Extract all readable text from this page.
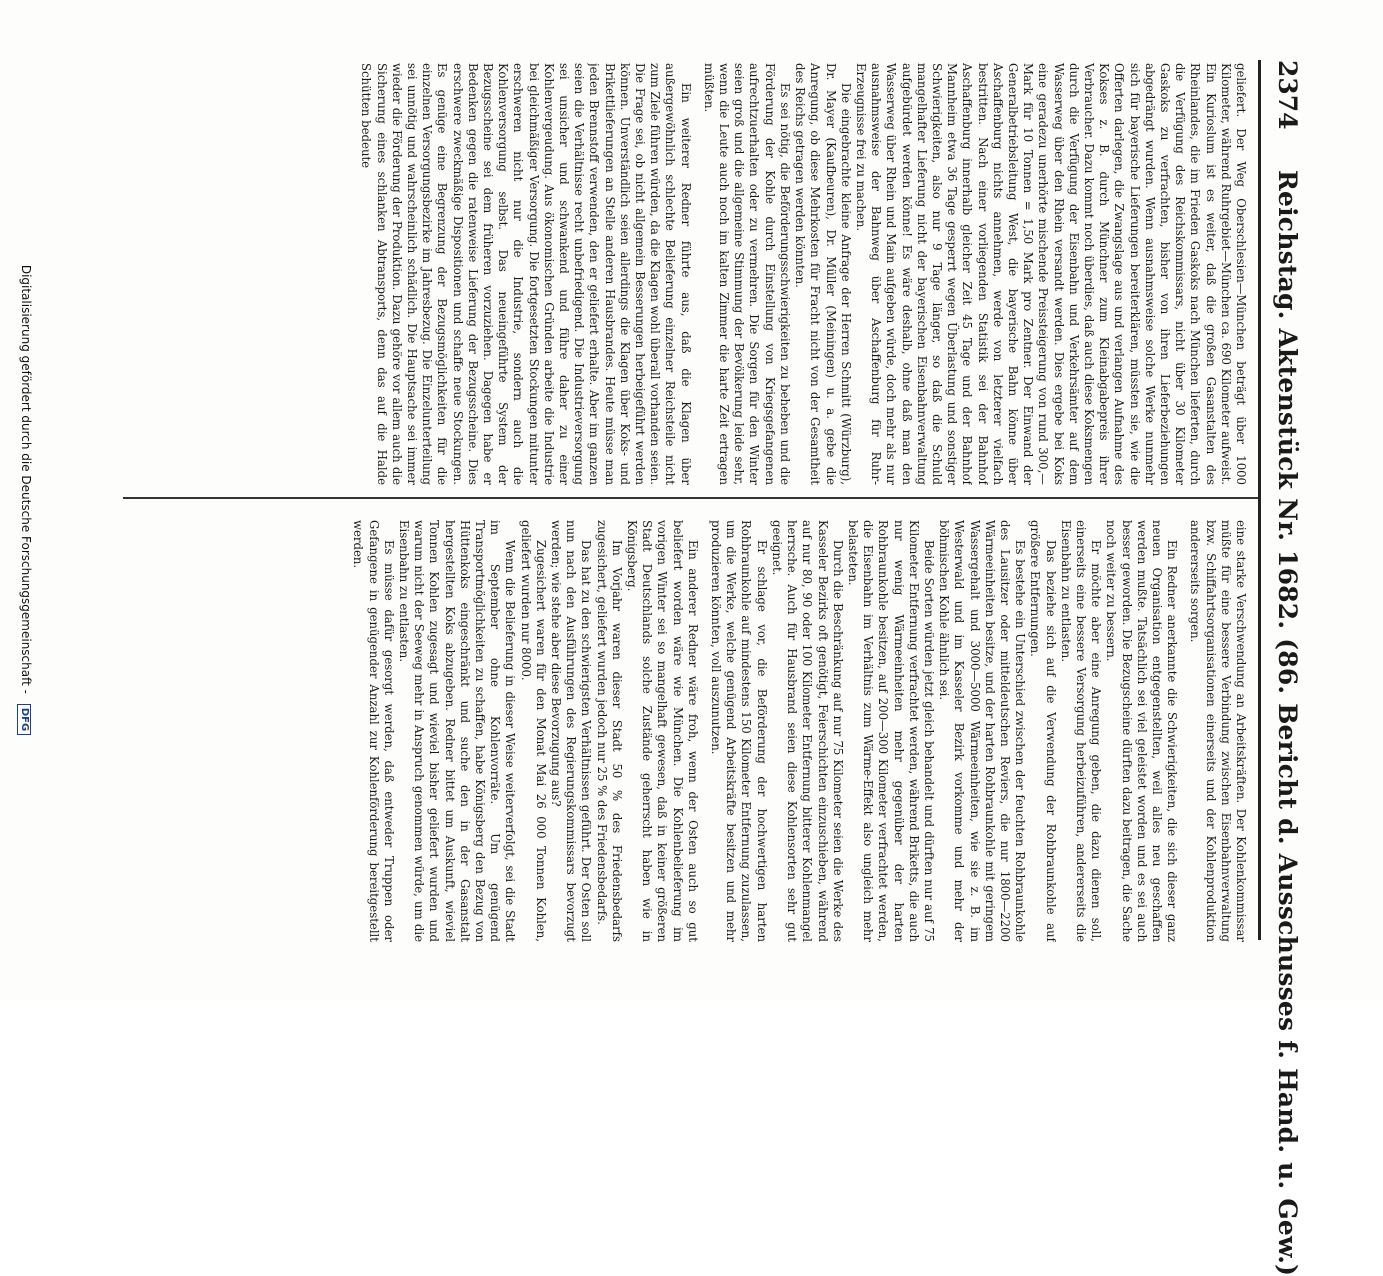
2374
Reichstag. Aktenstück Nr. 1682. (86. Bericht d. Ausschusses f. Hand. u. Gew.)

geliefert. Der Weg Oberschlesien—München beträgt über 1000 Kilometer, während Ruhrgebiet—München ca. 690 Kilometer aufweist. Ein Kurioslum ist es weiter, daß die großen Gasanstalten des Rheinlandes, die im Frieden Gaskoks nach München lieferten, durch die Verfügung des Reichskommissars, nicht über 30 Kilometer Gaskoks zu verfrachten, bisher von ihren Lieferbeziehungen abgedrängt wurden. Wenn ausnahmsweise solche Werke nunmehr sich für bayerische Lieferungen bereiterklären, müssten sie, wie die Offerten darlegen, die Zwangslage aus und verlangen Aufnahme des Kokses z. B. durch Münchner zum Kleinabgabepreis ihrer Verbraucher. Dazu kommt noch überdies, daß auch diese Koksmengen durch die Verfügung der Eisenbahn und Verkehrsämter auf dem Wasserweg über den Rhein versandt werden. Dies ergebe bei Koks eine geradezu unerhörte mischende Preissteigerung von rund 300,— Mark für 10 Tonnen = 1,50 Mark pro Zentner. Der Einwand der Generalbetriebsleitung West, die bayerische Bahn könne über Aschaffenburg nichts annehmen, werde von letzterer vielfach bestritten. Nach einer vorliegenden Statistik sei der Bahnhof Aschaffenburg innerhalb gleicher Zeit 45 Tage und der Bahnhof Mannheim etwa 36 Tage gesperrt wegen Überlastung und sonstiger Schwierigkeiten, also nur 9 Tage länger, so daß die Schuld mangelhafter Lieferung nicht der bayerischen Eisenbahnverwaltung aufgebürdet werden könne! Es wäre deshalb, ohne daß man den Wasserweg über Rhein und Main aufgeben würde, doch mehr als nur ausnahmsweise der Bahnweg über Aschaffenburg für Ruhr-Erzeugnisse frei zu machen.

Die eingebrachte kleine Anfrage der Herren Schmitt (Würzburg), Dr. Mayer (Kaufbeuren), Dr. Müller (Meiningen) u. a. gebe die Anregung, ob diese Mehrkosten für Fracht nicht von der Gesamtheit des Reichs getragen werden könnten.

Es sei nötig, die Beförderungsschwierigkeiten zu beheben und die Förderung der Kohle durch Einstellung von Kriegsgefangenen aufrechtzuerhalten oder zu vermehren. Die Sorgen für den Winter seien groß und die allgemeine Stimmung der Bevölkerung leide sehr, wenn die Leute auch noch im kalten Zimmer die harte Zeit ertragen müßten.

Ein weiterer Redner führte aus, daß die Klagen über außergewöhnlich schlechte Belieferung einzelner Reichsteile nicht zum Ziele führen würden, da die Klagen wohl überall vorhanden seien. Die Frage sei, ob nicht allgemein Besserungen herbeigeführt werden können. Unverständlich seien allerdings die Klagen über Koks- und Brikettlieferungen an Stelle anderen Hausbrandes. Heute müsse man jeden Brennstoff verwenden, den er geliefert erhalte. Aber im ganzen seien die Verhältnisse recht unbefriedigend. Die Industrieversorgung sei unsicher und schwankend und führe daher zu einer Kohlenvergeudung. Aus ökonomischen Gründen arbeite die Industrie bei gleichmäßiger Versorgung. Die fortgesetzten Stockungen mitunter erschweren nicht nur die Industrie, sondern auch die Kohlenversorgung selbst. Das neueingeführte System der Bezugsscheine sei dem früheren vorzuziehen. Dagegen habe er Bedenken gegen die ratenweise Lieferung der Bezugsscheine. Dies erschwere zweckmäßige Dispositionen und schaffe neue Stockungen. Es genüge eine Begrenzung der Bezugsmöglichkeiten für die einzelnen Versorgungsbezirke im Jahresbezug. Die Einzelunterteilung sei unnötig und wahrscheinlich schädlich. Die Hauptsache sei immer wieder die Förderung der Produktion. Dazu gehöre vor allem auch die Sicherung eines schlanken Abtransports, denn das auf die Halde Schütten bedeute

eine starke Verschwendung an Arbeitskräften. Der Kohlenkommissar müßte für eine bessere Verbindung zwischen Eisenbahnverwaltung bzw. Schiffahrtsorganisationen einerseits und der Kohlenproduktion andererseits sorgen.

Ein Redner anerkannte die Schwierigkeiten, die sich dieser ganz neuen Organisation entgegenstellten, weil alles neu geschaffen werden mußte. Tatsächlich sei viel geleistet worden und es sei auch besser geworden. Die Bezugscheine dürften dazu beitragen, die Sache noch weiter zu bessern.

Er möchte aber eine Anregung geben, die dazu dienen soll, einerseits eine bessere Versorgung herbeizuführen, andererseits die Eisenbahn zu entlasten.

Das beziehe sich auf die Verwendung der Rohbraunkohle auf größere Entfernungen.

Es bestehe ein Unterschied zwischen der feuchten Rohbraunkohle des Lausitzer oder mitteldeutschen Reviers, die nur 1800—2200 Wärmeeinheiten besitze, und der harten Rohbraunkohle mit geringem Wassergehalt und 3000—5000 Wärmeeinheiten, wie sie z. B. im Westerwald und im Kasseler Bezirk vorkomme und mehr der böhmischen Kohle ähnlich sei.

Beide Sorten würden jetzt gleich behandelt und dürften nur auf 75 Kilometer Entfernung verfrachtet werden, während Briketts, die auch nur wenig Wärmeeinheiten mehr gegenüber der harten Rohbraunkohle besitzen, auf 200—300 Kilometer verfrachtet werden, die Eisenbahn im Verhältnis zum Wärme-Effekt also ungleich mehr belasteten.

Durch die Beschränkung auf nur 75 Kilometer seien die Werke des Kasseler Bezirks oft genötigt, Feierschichten einzuschieben, während auf nur 80, 90 oder 100 Kilometer Entfernung bitterer Kohlenmangel herrsche. Auch für Hausbrand seien diese Kohlensorten sehr gut geeignet.

Er schlage vor, die Beförderung der hochwertigen harten Rohbraunkohle auf mindestens 150 Kilometer Entfernung zuzulassen, um die Werke, welche genügend Arbeitskräfte besitzen und mehr produzieren könnten, voll auszunutzen.

Ein anderer Redner wäre froh, wenn der Osten auch so gut beliefert worden wäre wie München. Die Kohlenbelieferung im vorigen Winter sei so mangelhaft gewesen, daß in keiner größeren Stadt Deutschlands solche Zustände geherrscht haben wie in Königsberg.

Im Vorjahr waren dieser Stadt 50 % des Friedensbedarfs zugesichert, geliefert wurden jedoch nur 25 % des Friedensbedarfs.

Das hat zu den schwierigsten Verhältnissen geführt. Der Osten soll nun nach den Ausführungen des Regierungskommissars bevorzugt werden; wie stehe aber diese Bevorzugung aus?

Zugesichert waren für den Monat Mai 26 000 Tonnen Kohlen, geliefert wurden nur 8000.

Wenn die Belieferung in dieser Weise weiterverfolgt, sei die Stadt im September ohne Kohlenvorräte. Um genügend Transportmöglichkeiten zu schaffen, habe Königsberg den Bezug von Hüttenkoks eingeschränkt und suche den in der Gasanstalt hergestellten Koks abzugeben. Redner bittet um Auskunft, wieviel Tonnen Kohlen zugesagt und wieviel bisher geliefert wurden und warum nicht der Seeweg mehr in Anspruch genommen würde, um die Eisenbahn zu entlasten.

Es müsse dafür gesorgt werden, daß entweder Truppen oder Gefangene in genügender Anzahl zur Kohlenförderung bereitgestellt werden.

Digitalisierung gefördert durch die Deutsche Forschungsgemeinschaft - DFG
